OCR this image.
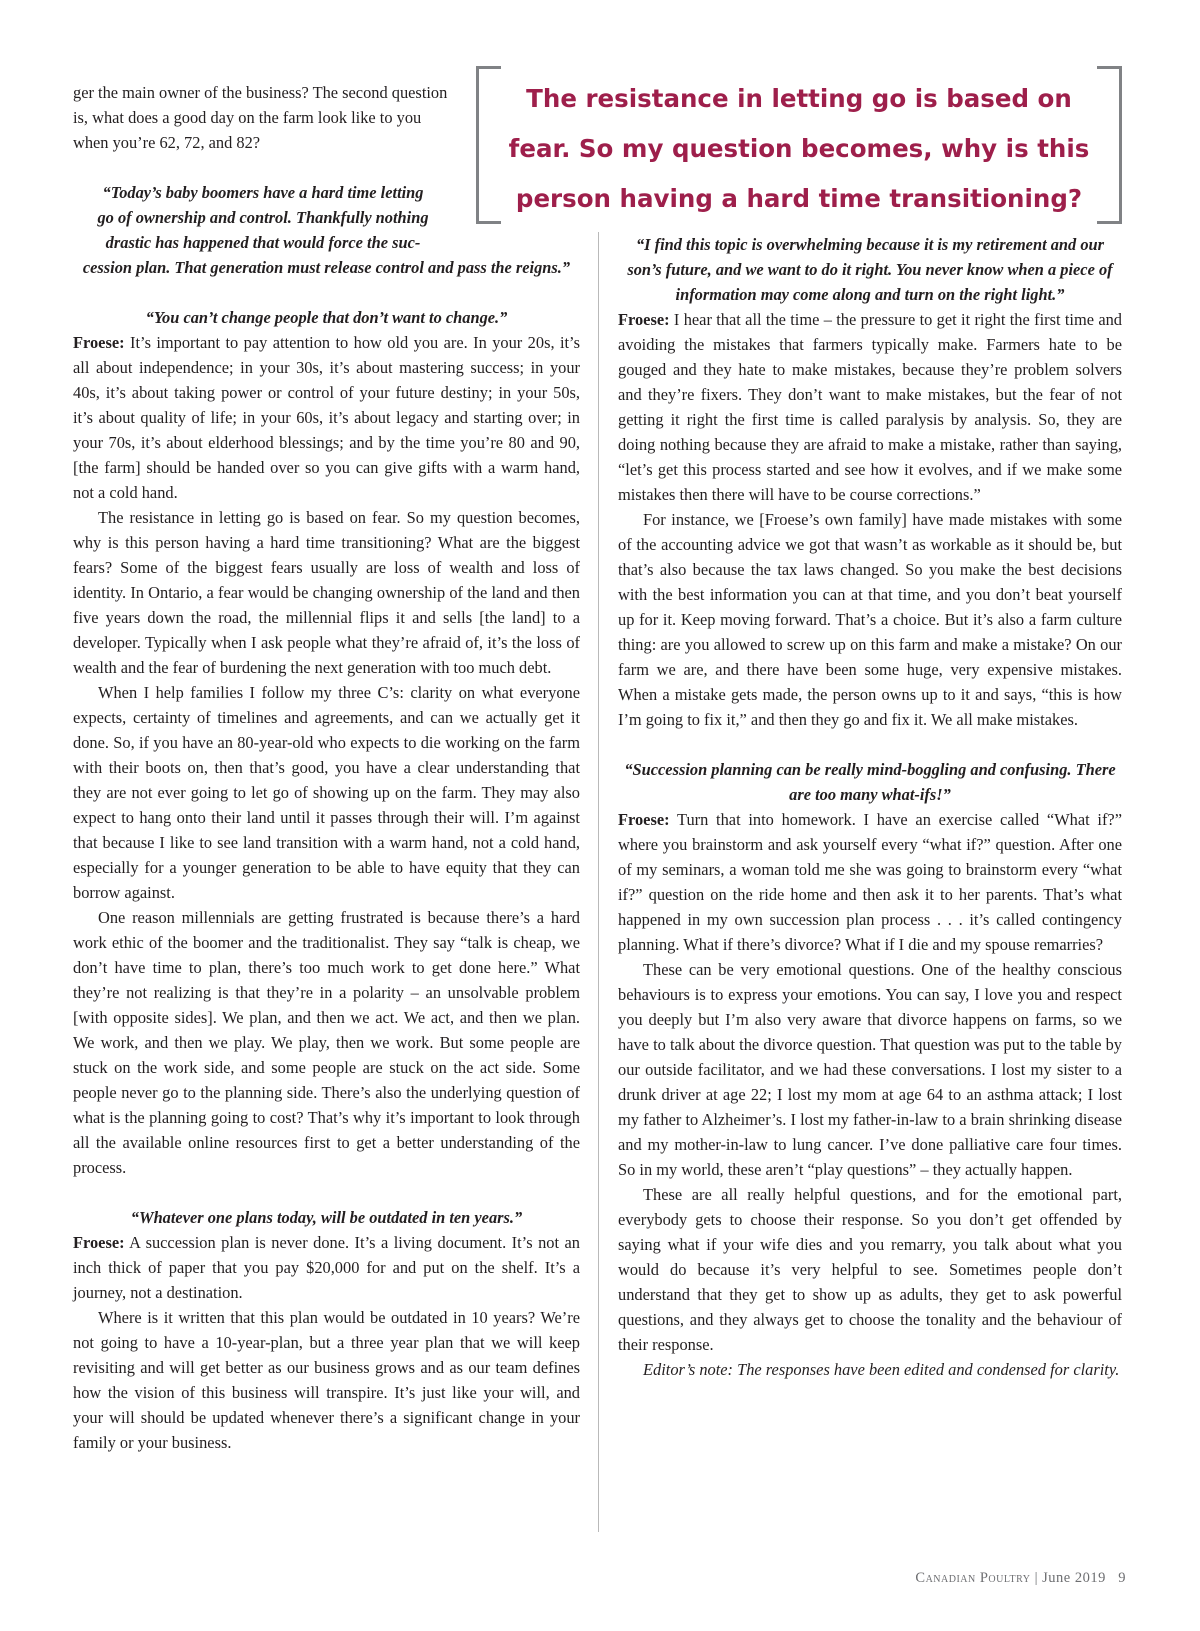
The resistance in letting go is based on fear. So my question becomes, why is this person having a hard time transitioning?

ger the main owner of the business? The second question is, what does a good day on the farm look like to you when you’re 62, 72, and 82?

“Today’s baby boomers have a hard time letting
go of ownership and control. Thankfully nothing
drastic has happened that would force the suc-
cession plan. That generation must release control and pass the reigns.”

“You can’t change people that don’t want to change.”

Froese: It’s important to pay attention to how old you are. In your 20s, it’s all about independence; in your 30s, it’s about mastering success; in your 40s, it’s about taking power or control of your future destiny; in your 50s, it’s about quality of life; in your 60s, it’s about legacy and starting over; in your 70s, it’s about elderhood blessings; and by the time you’re 80 and 90, [the farm] should be handed over so you can give gifts with a warm hand, not a cold hand.

The resistance in letting go is based on fear. So my question becomes, why is this person having a hard time transitioning? What are the biggest fears? Some of the biggest fears usually are loss of wealth and loss of identity. In Ontario, a fear would be changing ownership of the land and then five years down the road, the millennial flips it and sells [the land] to a developer. Typically when I ask people what they’re afraid of, it’s the loss of wealth and the fear of burdening the next generation with too much debt.

When I help families I follow my three C’s: clarity on what everyone expects, certainty of timelines and agreements, and can we actually get it done. So, if you have an 80-year-old who expects to die working on the farm with their boots on, then that’s good, you have a clear understanding that they are not ever going to let go of showing up on the farm. They may also expect to hang onto their land until it passes through their will. I’m against that because I like to see land transition with a warm hand, not a cold hand, especially for a younger generation to be able to have equity that they can borrow against.

One reason millennials are getting frustrated is because there’s a hard work ethic of the boomer and the traditionalist. They say “talk is cheap, we don’t have time to plan, there’s too much work to get done here.” What they’re not realizing is that they’re in a polarity – an unsolvable problem [with opposite sides]. We plan, and then we act. We act, and then we plan. We work, and then we play. We play, then we work. But some people are stuck on the work side, and some people are stuck on the act side. Some people never go to the planning side. There’s also the underlying question of what is the planning going to cost? That’s why it’s important to look through all the available online resources first to get a better understanding of the process.

“Whatever one plans today, will be outdated in ten years.”

Froese: A succession plan is never done. It’s a living document. It’s not an inch thick of paper that you pay $20,000 for and put on the shelf. It’s a journey, not a destination.

Where is it written that this plan would be outdated in 10 years? We’re not going to have a 10-year-plan, but a three year plan that we will keep revisiting and will get better as our business grows and as our team defines how the vision of this business will transpire. It’s just like your will, and your will should be updated whenever there’s a significant change in your family or your business.

“I find this topic is overwhelming because it is my retirement and our son’s future, and we want to do it right. You never know when a piece of information may come along and turn on the right light.”

Froese: I hear that all the time – the pressure to get it right the first time and avoiding the mistakes that farmers typically make. Farmers hate to be gouged and they hate to make mistakes, because they’re problem solvers and they’re fixers. They don’t want to make mistakes, but the fear of not getting it right the first time is called paralysis by analysis. So, they are doing nothing because they are afraid to make a mistake, rather than saying, “let’s get this process started and see how it evolves, and if we make some mistakes then there will have to be course corrections.”

For instance, we [Froese’s own family] have made mistakes with some of the accounting advice we got that wasn’t as workable as it should be, but that’s also because the tax laws changed. So you make the best decisions with the best information you can at that time, and you don’t beat yourself up for it. Keep moving forward. That’s a choice. But it’s also a farm culture thing: are you allowed to screw up on this farm and make a mistake? On our farm we are, and there have been some huge, very expensive mistakes. When a mistake gets made, the person owns up to it and says, “this is how I’m going to fix it,” and then they go and fix it. We all make mistakes.

“Succession planning can be really mind-boggling and confusing. There are too many what-ifs!”

Froese: Turn that into homework. I have an exercise called “What if?” where you brainstorm and ask yourself every “what if?” question. After one of my seminars, a woman told me she was going to brainstorm every “what if?” question on the ride home and then ask it to her parents. That’s what happened in my own succession plan process . . . it’s called contingency planning. What if there’s divorce? What if I die and my spouse remarries?

These can be very emotional questions. One of the healthy conscious behaviours is to express your emotions. You can say, I love you and respect you deeply but I’m also very aware that divorce happens on farms, so we have to talk about the divorce question. That question was put to the table by our outside facilitator, and we had these conversations. I lost my sister to a drunk driver at age 22; I lost my mom at age 64 to an asthma attack; I lost my father to Alzheimer’s. I lost my father-in-law to a brain shrinking disease and my mother-in-law to lung cancer. I’ve done palliative care four times. So in my world, these aren’t “play questions” – they actually happen.

These are all really helpful questions, and for the emotional part, everybody gets to choose their response. So you don’t get offended by saying what if your wife dies and you remarry, you talk about what you would do because it’s very helpful to see. Sometimes people don’t understand that they get to show up as adults, they get to ask powerful questions, and they always get to choose the tonality and the behaviour of their response.

Editor’s note: The responses have been edited and condensed for clarity.

Canadian Poultry | June 2019 9
